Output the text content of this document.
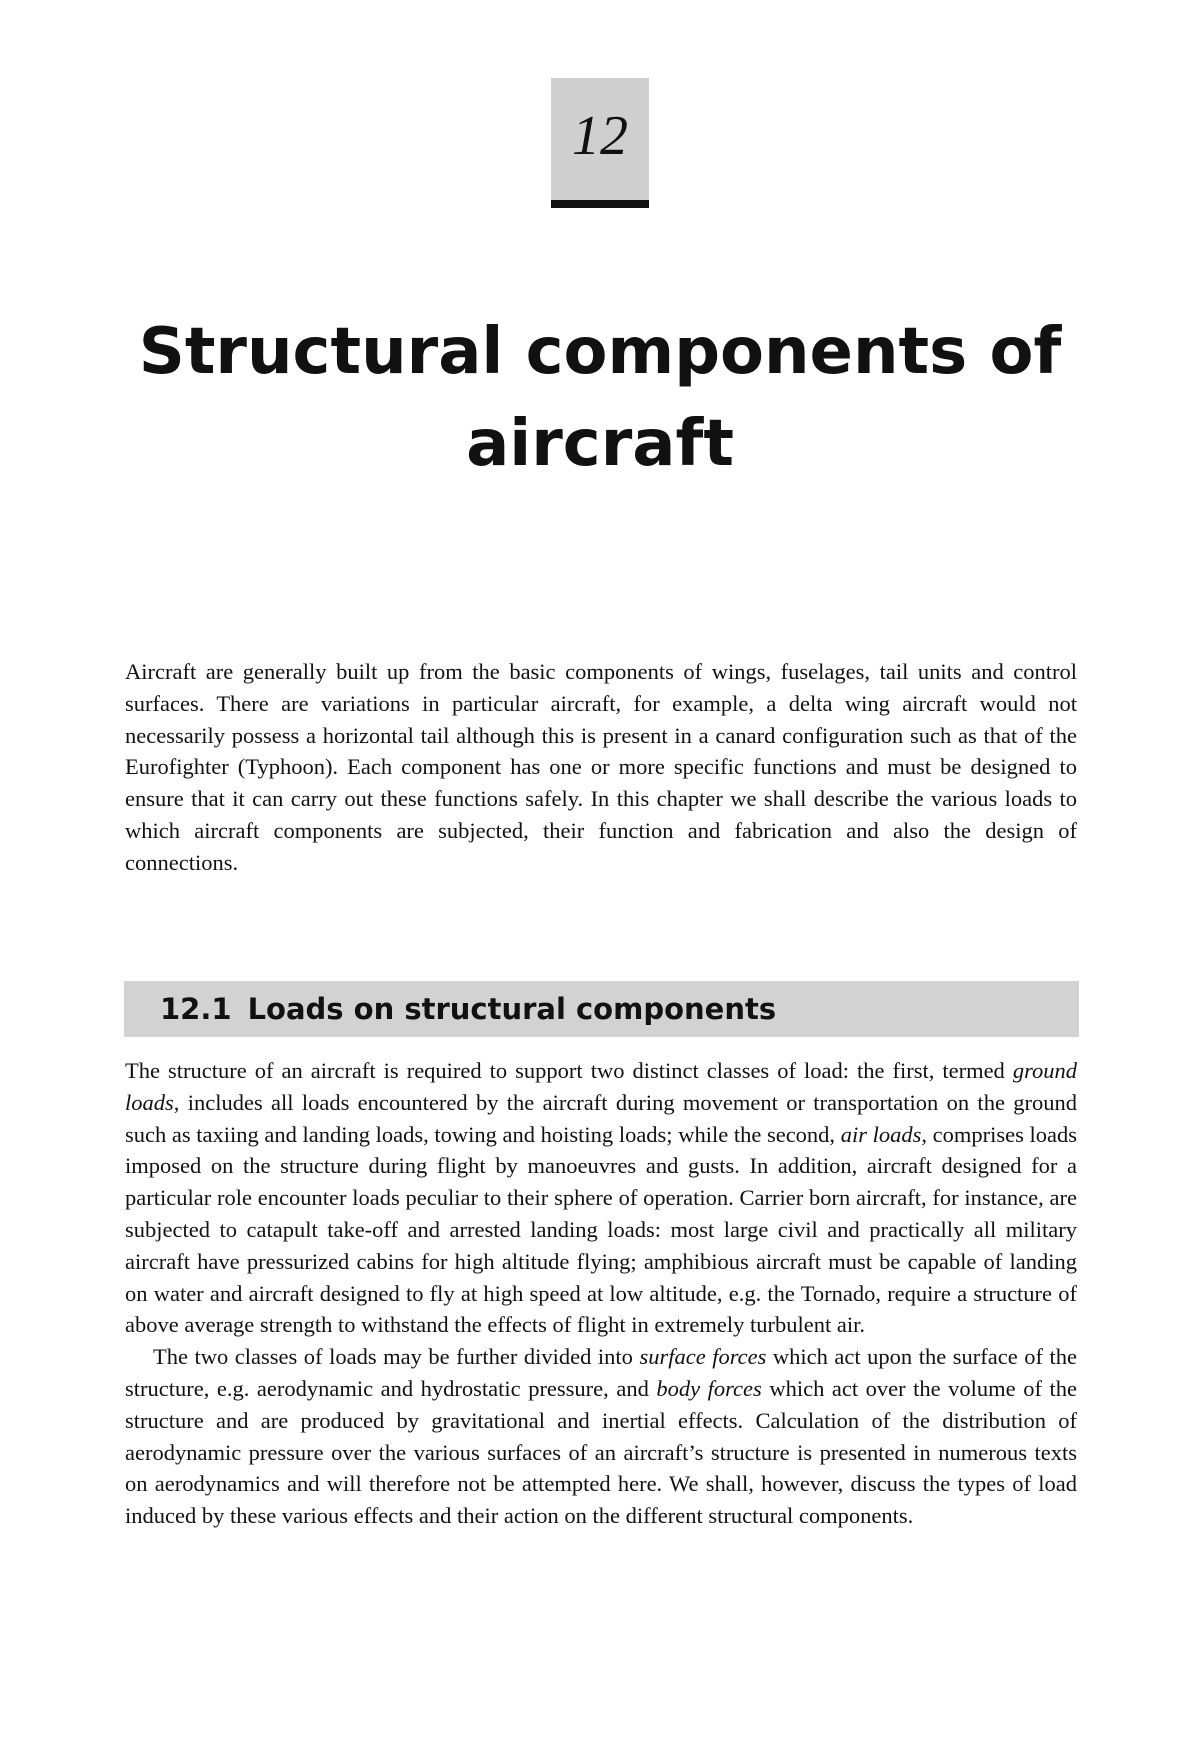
12
Structural components of
aircraft

Aircraft are generally built up from the basic components of wings, fuselages, tail units and control surfaces. There are variations in particular aircraft, for example, a delta wing aircraft would not necessarily possess a horizontal tail although this is present in a canard configuration such as that of the Eurofighter (Typhoon). Each component has one or more specific functions and must be designed to ensure that it can carry out these functions safely. In this chapter we shall describe the various loads to which aircraft components are subjected, their function and fabrication and also the design of connections.

12.1 Loads on structural components

The structure of an aircraft is required to support two distinct classes of load: the first, termed ground loads, includes all loads encountered by the aircraft during movement or transportation on the ground such as taxiing and landing loads, towing and hoisting loads; while the second, air loads, comprises loads imposed on the structure during flight by manoeuvres and gusts. In addition, aircraft designed for a particular role encounter loads peculiar to their sphere of operation. Carrier born aircraft, for instance, are subjected to catapult take-off and arrested landing loads: most large civil and practically all military aircraft have pressurized cabins for high altitude flying; amphibious aircraft must be capable of landing on water and aircraft designed to fly at high speed at low altitude, e.g. the Tornado, require a structure of above average strength to withstand the effects of flight in extremely turbulent air.

The two classes of loads may be further divided into surface forces which act upon the surface of the structure, e.g. aerodynamic and hydrostatic pressure, and body forces which act over the volume of the structure and are produced by gravitational and inertial effects. Calculation of the distribution of aerodynamic pressure over the various surfaces of an aircraft’s structure is presented in numerous texts on aerodynamics and will therefore not be attempted here. We shall, however, discuss the types of load induced by these various effects and their action on the different structural components.
